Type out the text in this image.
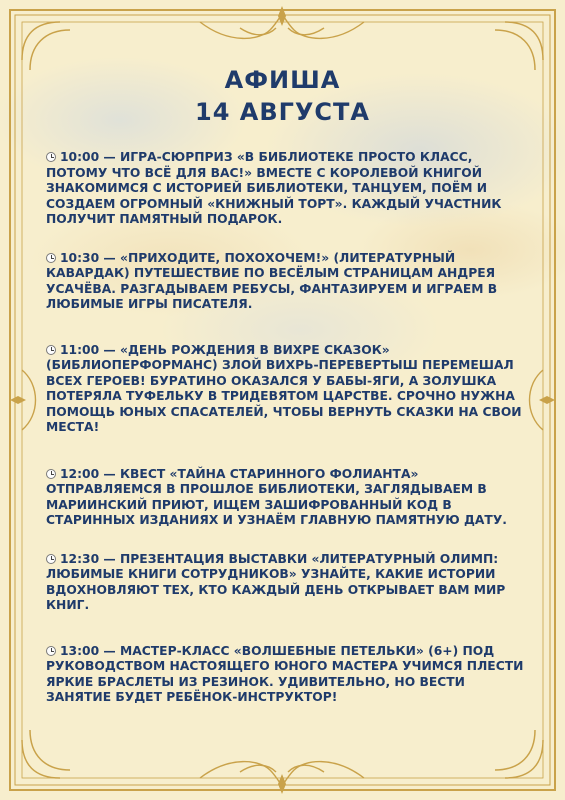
АФИША
14 АВГУСТА

10:00 — ИГРА-СЮРПРИЗ «В БИБЛИОТЕКЕ ПРОСТО КЛАСС, ПОТОМУ ЧТО ВСЁ ДЛЯ ВАС!» ВМЕСТЕ С КОРОЛЕВОЙ КНИГОЙ ЗНАКОМИМСЯ С ИСТОРИЕЙ БИБЛИОТЕКИ, ТАНЦУЕМ, ПОЁМ И СОЗДАЕМ ОГРОМНЫЙ «КНИЖНЫЙ ТОРТ». КАЖДЫЙ УЧАСТНИК ПОЛУЧИТ ПАМЯТНЫЙ ПОДАРОК.

10:30 — «ПРИХОДИТЕ, ПОХОХОЧЕМ!» (ЛИТЕРАТУРНЫЙ КАВАРДАК) ПУТЕШЕСТВИЕ ПО ВЕСЁЛЫМ СТРАНИЦАМ АНДРЕЯ УСАЧЁВА. РАЗГАДЫВАЕМ РЕБУСЫ, ФАНТАЗИРУЕМ И ИГРАЕМ В ЛЮБИМЫЕ ИГРЫ ПИСАТЕЛЯ.

11:00 — «ДЕНЬ РОЖДЕНИЯ В ВИХРЕ СКАЗОК» (БИБЛИОПЕРФОРМАНС) ЗЛОЙ ВИХРЬ-ПЕРЕВЕРТЫШ ПЕРЕМЕШАЛ ВСЕХ ГЕРОЕВ! БУРАТИНО ОКАЗАЛСЯ У БАБЫ-ЯГИ, А ЗОЛУШКА ПОТЕРЯЛА ТУФЕЛЬКУ В ТРИДЕВЯТОМ ЦАРСТВЕ. СРОЧНО НУЖНА ПОМОЩЬ ЮНЫХ СПАСАТЕЛЕЙ, ЧТОБЫ ВЕРНУТЬ СКАЗКИ НА СВОИ МЕСТА!

12:00 — КВЕСТ «ТАЙНА СТАРИННОГО ФОЛИАНТА» ОТПРАВЛЯЕМСЯ В ПРОШЛОЕ БИБЛИОТЕКИ, ЗАГЛЯДЫВАЕМ В МАРИИНСКИЙ ПРИЮТ, ИЩЕМ ЗАШИФРОВАННЫЙ КОД В СТАРИННЫХ ИЗДАНИЯХ И УЗНАЁМ ГЛАВНУЮ ПАМЯТНУЮ ДАТУ.

12:30 — ПРЕЗЕНТАЦИЯ ВЫСТАВКИ «ЛИТЕРАТУРНЫЙ ОЛИМП: ЛЮБИМЫЕ КНИГИ СОТРУДНИКОВ» УЗНАЙТЕ, КАКИЕ ИСТОРИИ ВДОХНОВЛЯЮТ ТЕХ, КТО КАЖДЫЙ ДЕНЬ ОТКРЫВАЕТ ВАМ МИР КНИГ.

13:00 — МАСТЕР-КЛАСС «ВОЛШЕБНЫЕ ПЕТЕЛЬКИ» (6+) ПОД РУКОВОДСТВОМ НАСТОЯЩЕГО ЮНОГО МАСТЕРА УЧИМСЯ ПЛЕСТИ ЯРКИЕ БРАСЛЕТЫ ИЗ РЕЗИНОК. УДИВИТЕЛЬНО, НО ВЕСТИ ЗАНЯТИЕ БУДЕТ РЕБЁНОК-ИНСТРУКТОР!
